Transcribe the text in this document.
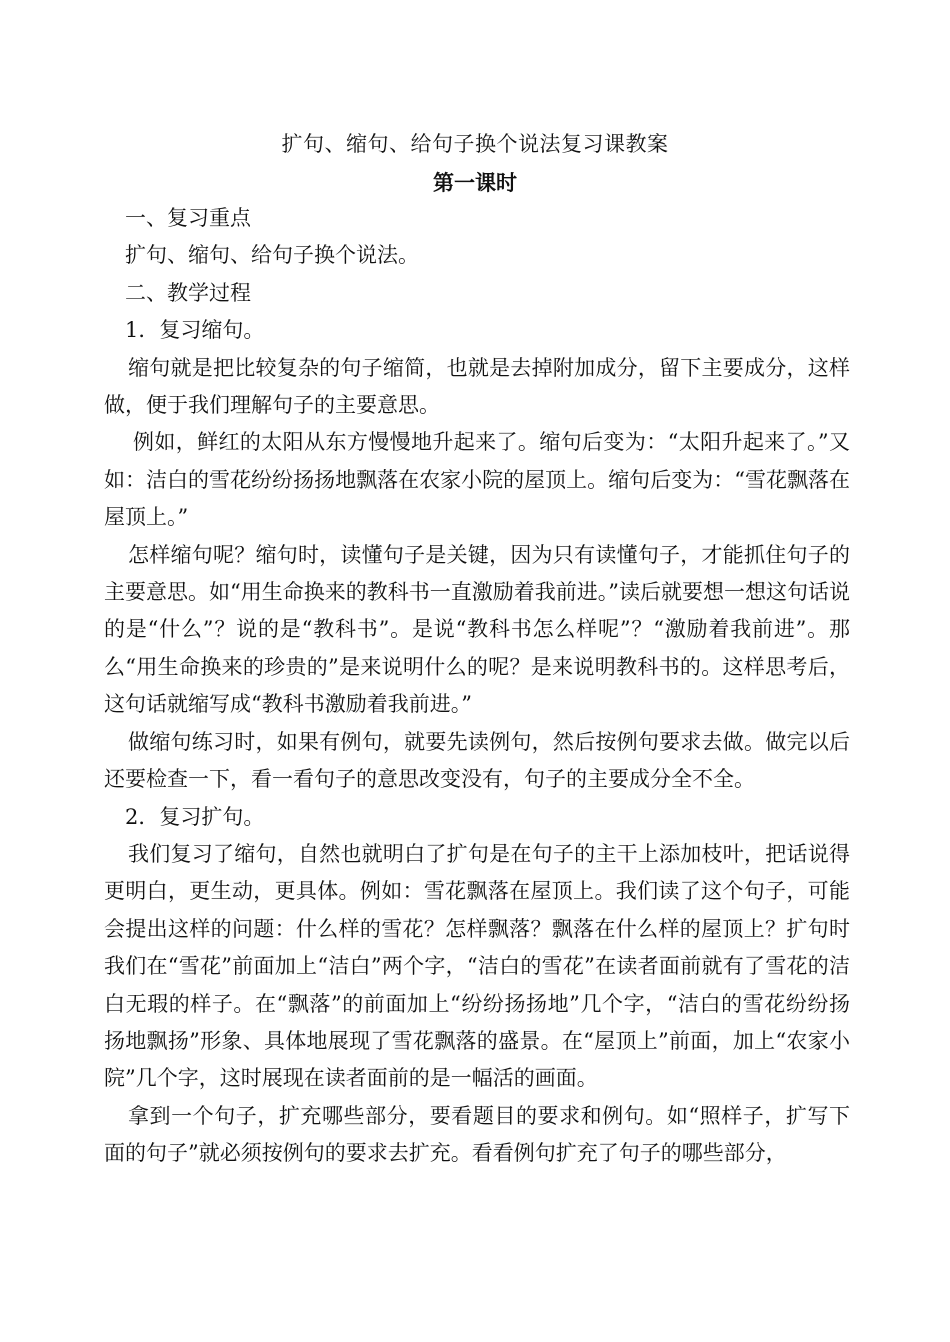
扩句、缩句、给句子换个说法复习课教案
第一课时

一、复习重点

扩句、缩句、给句子换个说法。

二、教学过程

1．复习缩句。

缩句就是把比较复杂的句子缩简，也就是去掉附加成分，留下主要成分，这样做，便于我们理解句子的主要意思。

例如，鲜红的太阳从东方慢慢地升起来了。缩句后变为：“太阳升起来了。”又如：洁白的雪花纷纷扬扬地飘落在农家小院的屋顶上。缩句后变为：“雪花飘落在屋顶上。”

怎样缩句呢？缩句时，读懂句子是关键，因为只有读懂句子，才能抓住句子的主要意思。如“用生命换来的教科书一直激励着我前进。”读后就要想一想这句话说的是“什么”？说的是“教科书”。是说“教科书怎么样呢”？“激励着我前进”。那么“用生命换来的珍贵的”是来说明什么的呢？是来说明教科书的。这样思考后，这句话就缩写成“教科书激励着我前进。”

做缩句练习时，如果有例句，就要先读例句，然后按例句要求去做。做完以后还要检查一下，看一看句子的意思改变没有，句子的主要成分全不全。

2．复习扩句。

我们复习了缩句，自然也就明白了扩句是在句子的主干上添加枝叶，把话说得更明白，更生动，更具体。例如：雪花飘落在屋顶上。我们读了这个句子，可能会提出这样的问题：什么样的雪花？怎样飘落？飘落在什么样的屋顶上？扩句时我们在“雪花”前面加上“洁白”两个字，“洁白的雪花”在读者面前就有了雪花的洁白无瑕的样子。在“飘落”的前面加上“纷纷扬扬地”几个字，“洁白的雪花纷纷扬扬地飘扬”形象、具体地展现了雪花飘落的盛景。在“屋顶上”前面，加上“农家小院”几个字，这时展现在读者面前的是一幅活的画面。

拿到一个句子，扩充哪些部分，要看题目的要求和例句。如“照样子，扩写下面的句子”就必须按例句的要求去扩充。看看例句扩充了句子的哪些部分，
